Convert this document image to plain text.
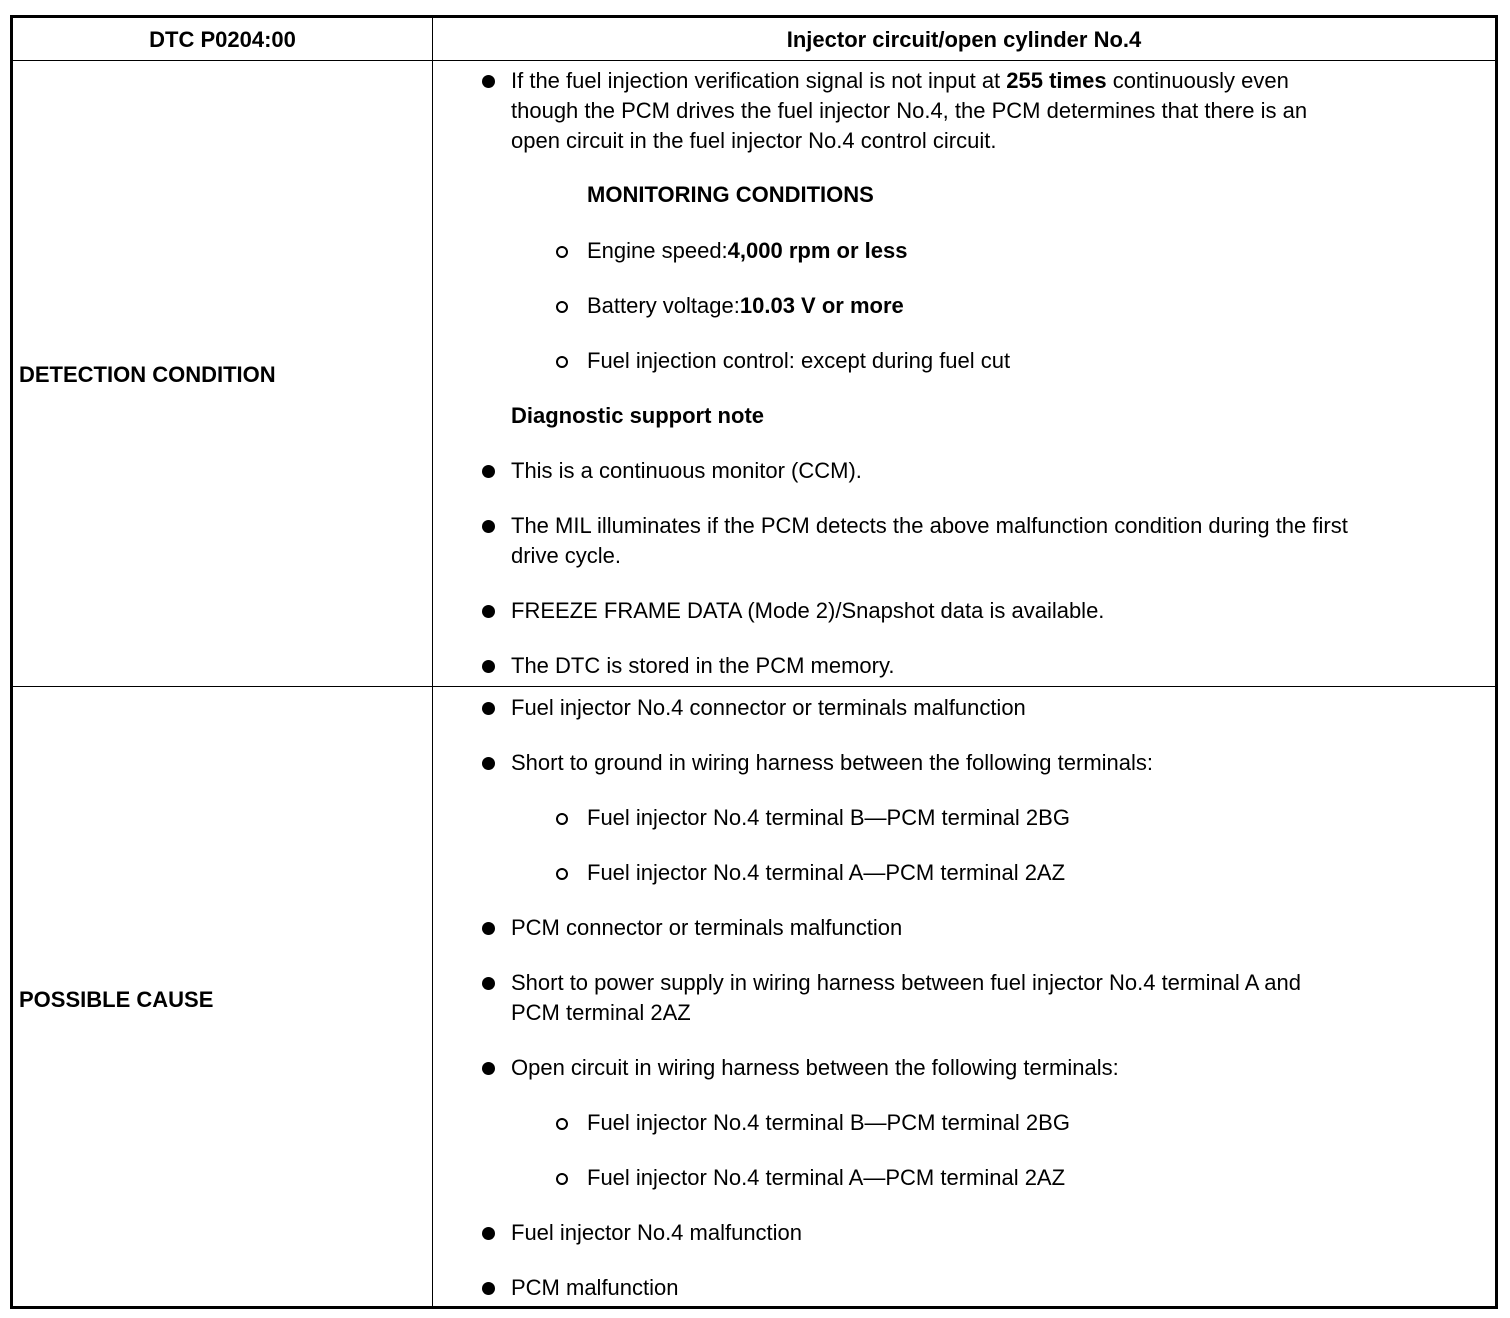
DTC P0204:00	Injector circuit/open cylinder No.4
DETECTION CONDITION
POSSIBLE CAUSE
If the fuel injection verification signal is not input at 255 times continuously even
though the PCM drives the fuel injector No.4, the PCM determines that there is an
open circuit in the fuel injector No.4 control circuit.
MONITORING CONDITIONS
Engine speed:4,000 rpm or less
Battery voltage:10.03 V or more
Fuel injection control: except during fuel cut
Diagnostic support note
This is a continuous monitor (CCM).
The MIL illuminates if the PCM detects the above malfunction condition during the first
drive cycle.
FREEZE FRAME DATA (Mode 2)/Snapshot data is available.
The DTC is stored in the PCM memory.
Fuel injector No.4 connector or terminals malfunction
Short to ground in wiring harness between the following terminals:
Fuel injector No.4 terminal B—PCM terminal 2BG
Fuel injector No.4 terminal A—PCM terminal 2AZ
PCM connector or terminals malfunction
Short to power supply in wiring harness between fuel injector No.4 terminal A and
PCM terminal 2AZ
Open circuit in wiring harness between the following terminals:
Fuel injector No.4 terminal B—PCM terminal 2BG
Fuel injector No.4 terminal A—PCM terminal 2AZ
Fuel injector No.4 malfunction
PCM malfunction
